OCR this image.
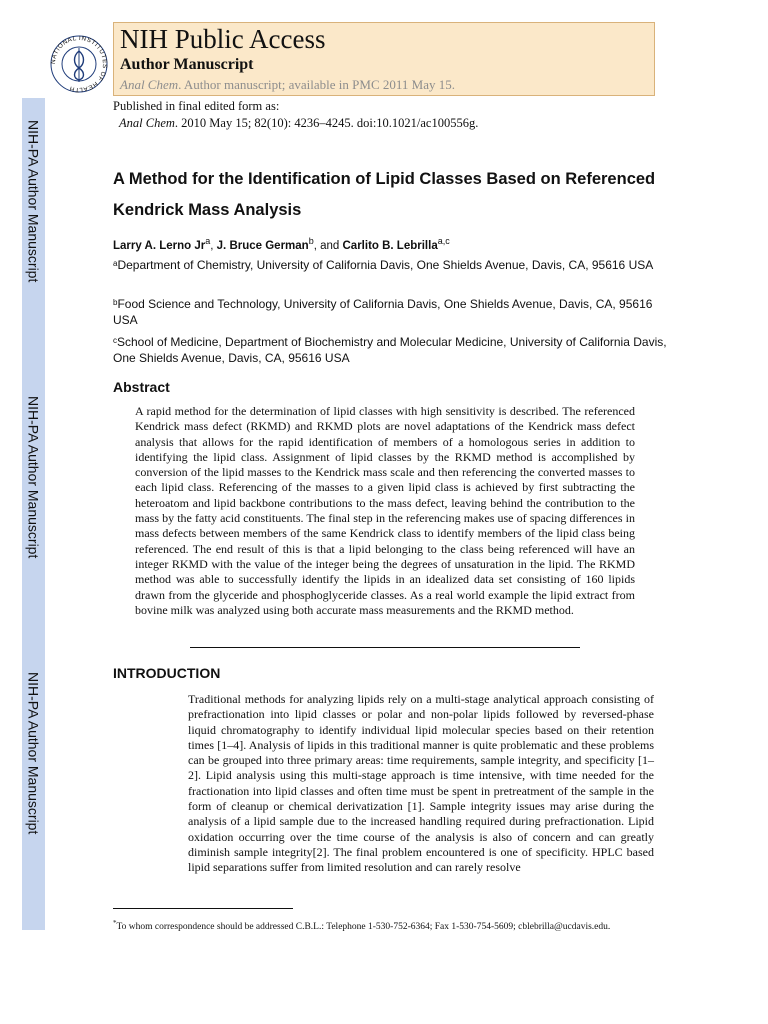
NIH-PA Author Manuscript
NIH-PA Author Manuscript
NIH-PA Author Manuscript
NATIONAL INSTITUTES OF HEALTH
NIH Public Access
Author Manuscript
Anal Chem. Author manuscript; available in PMC 2011 May 15.
Published in final edited form as:
Anal Chem. 2010 May 15; 82(10): 4236–4245. doi:10.1021/ac100556g.
A Method for the Identification of Lipid Classes Based on Referenced Kendrick Mass Analysis
Larry A. Lerno Jr$^a$, J. Bruce German$^b$, and Carlito B. Lebrilla$^{a,c}$
$^a$Department of Chemistry, University of California Davis, One Shields Avenue, Davis, CA, 95616 USA
$^b$Food Science and Technology, University of California Davis, One Shields Avenue, Davis, CA, 95616 USA
$^c$School of Medicine, Department of Biochemistry and Molecular Medicine, University of California Davis, One Shields Avenue, Davis, CA, 95616 USA
Abstract

A rapid method for the determination of lipid classes with high sensitivity is described. The referenced Kendrick mass defect (RKMD) and RKMD plots are novel adaptations of the Kendrick mass defect analysis that allows for the rapid identification of members of a homologous series in addition to identifying the lipid class. Assignment of lipid classes by the RKMD method is accomplished by conversion of the lipid masses to the Kendrick mass scale and then referencing the converted masses to each lipid class. Referencing of the masses to a given lipid class is achieved by first subtracting the heteroatom and lipid backbone contributions to the mass defect, leaving behind the contribution to the mass by the fatty acid constituents. The final step in the referencing makes use of spacing differences in mass defects between members of the same Kendrick class to identify members of the lipid class being referenced. The end result of this is that a lipid belonging to the class being referenced will have an integer RKMD with the value of the integer being the degrees of unsaturation in the lipid. The RKMD method was able to successfully identify the lipids in an idealized data set consisting of 160 lipids drawn from the glyceride and phosphoglyceride classes. As a real world example the lipid extract from bovine milk was analyzed using both accurate mass measurements and the RKMD method.

INTRODUCTION

Traditional methods for analyzing lipids rely on a multi-stage analytical approach consisting of prefractionation into lipid classes or polar and non-polar lipids followed by reversed-phase liquid chromatography to identify individual lipid molecular species based on their retention times [1–4]. Analysis of lipids in this traditional manner is quite problematic and these problems can be grouped into three primary areas: time requirements, sample integrity, and specificity [1–2]. Lipid analysis using this multi-stage approach is time intensive, with time needed for the fractionation into lipid classes and often time must be spent in pretreatment of the sample in the form of cleanup or chemical derivatization [1]. Sample integrity issues may arise during the analysis of a lipid sample due to the increased handling required during prefractionation. Lipid oxidation occurring over the time course of the analysis is also of concern and can greatly diminish sample integrity[2]. The final problem encountered is one of specificity. HPLC based lipid separations suffer from limited resolution and can rarely resolve

*To whom correspondence should be addressed C.B.L.: Telephone 1-530-752-6364; Fax 1-530-754-5609; cblebrilla@ucdavis.edu.
